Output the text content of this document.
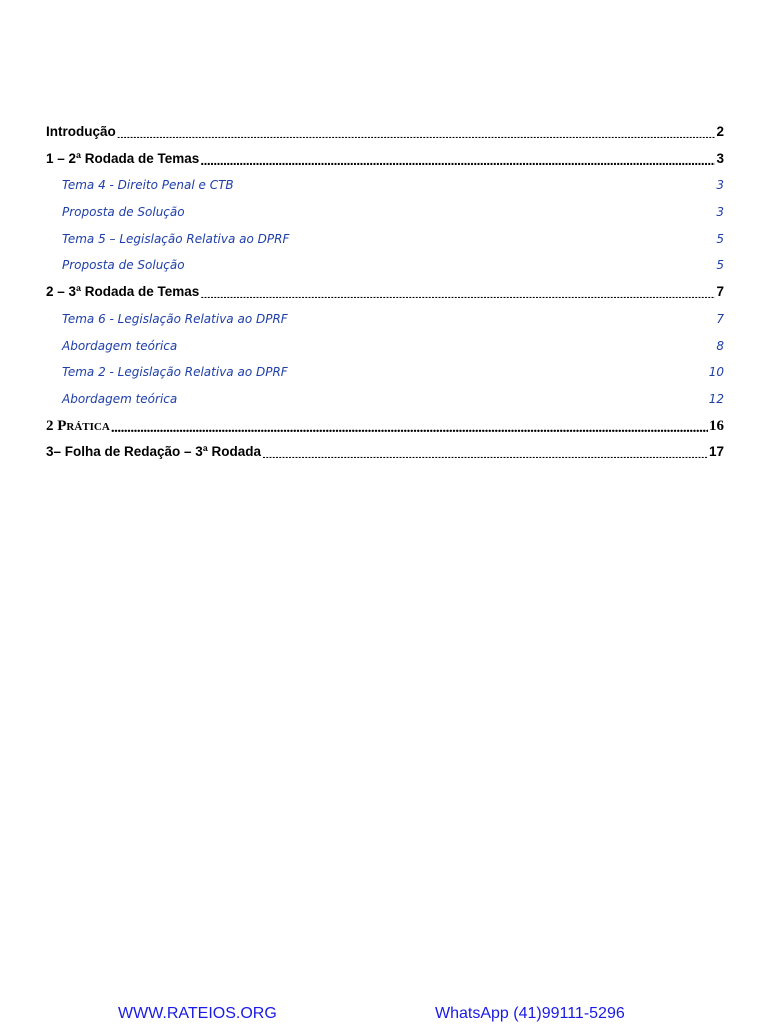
Introdução .....	2
1 – 2ª Rodada de Temas .....	3
Tema 4 - Direito Penal e CTB .....	3
Proposta de Solução .....	3
Tema 5 – Legislação Relativa ao DPRF .....	5
Proposta de Solução .....	5
2 – 3ª Rodada de Temas .....	7
Tema 6 - Legislação Relativa ao DPRF .....	7
Abordagem teórica .....	8
Tema 2 - Legislação Relativa ao DPRF .....	10
Abordagem teórica .....	12
2 Prática .....	16
3– Folha de Redação – 3ª Rodada .....	17
WWW.RATEIOS.ORG	WhatsApp (41)99111-5296
